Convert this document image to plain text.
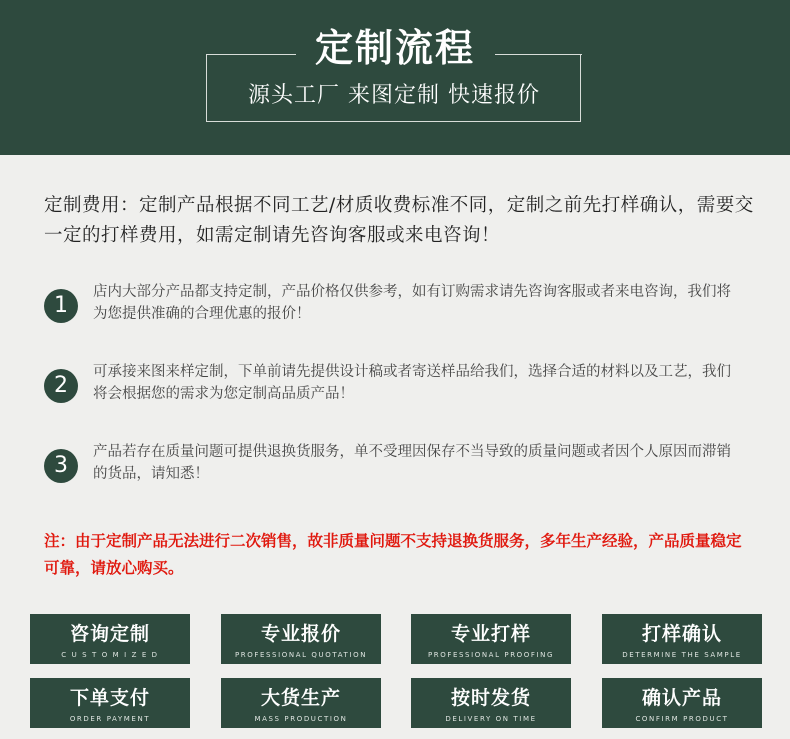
定制流程
源头工厂 来图定制 快速报价
定制费用：定制产品根据不同工艺/材质收费标准不同，定制之前先打样确认，需要交一定的打样费用，如需定制请先咨询客服或来电咨询！
1
店内大部分产品都支持定制，产品价格仅供参考，如有订购需求请先咨询客服或者来电咨询，我们将为您提供准确的合理优惠的报价！
2
可承接来图来样定制，下单前请先提供设计稿或者寄送样品给我们，选择合适的材料以及工艺，我们将会根据您的需求为您定制高品质产品！
3
产品若存在质量问题可提供退换货服务，单不受理因保存不当导致的质量问题或者因个人原因而滞销的货品，请知悉！
注：由于定制产品无法进行二次销售，故非质量问题不支持退换货服务，多年生产经验，产品质量稳定可靠，请放心购买。
咨询定制
C U S T O M I Z E D
专业报价
PROFESSIONAL QUOTATION
专业打样
PROFESSIONAL PROOFING
打样确认
DETERMINE THE SAMPLE
下单支付
ORDER PAYMENT
大货生产
MASS PRODUCTION
按时发货
DELIVERY ON TIME
确认产品
CONFIRM PRODUCT
